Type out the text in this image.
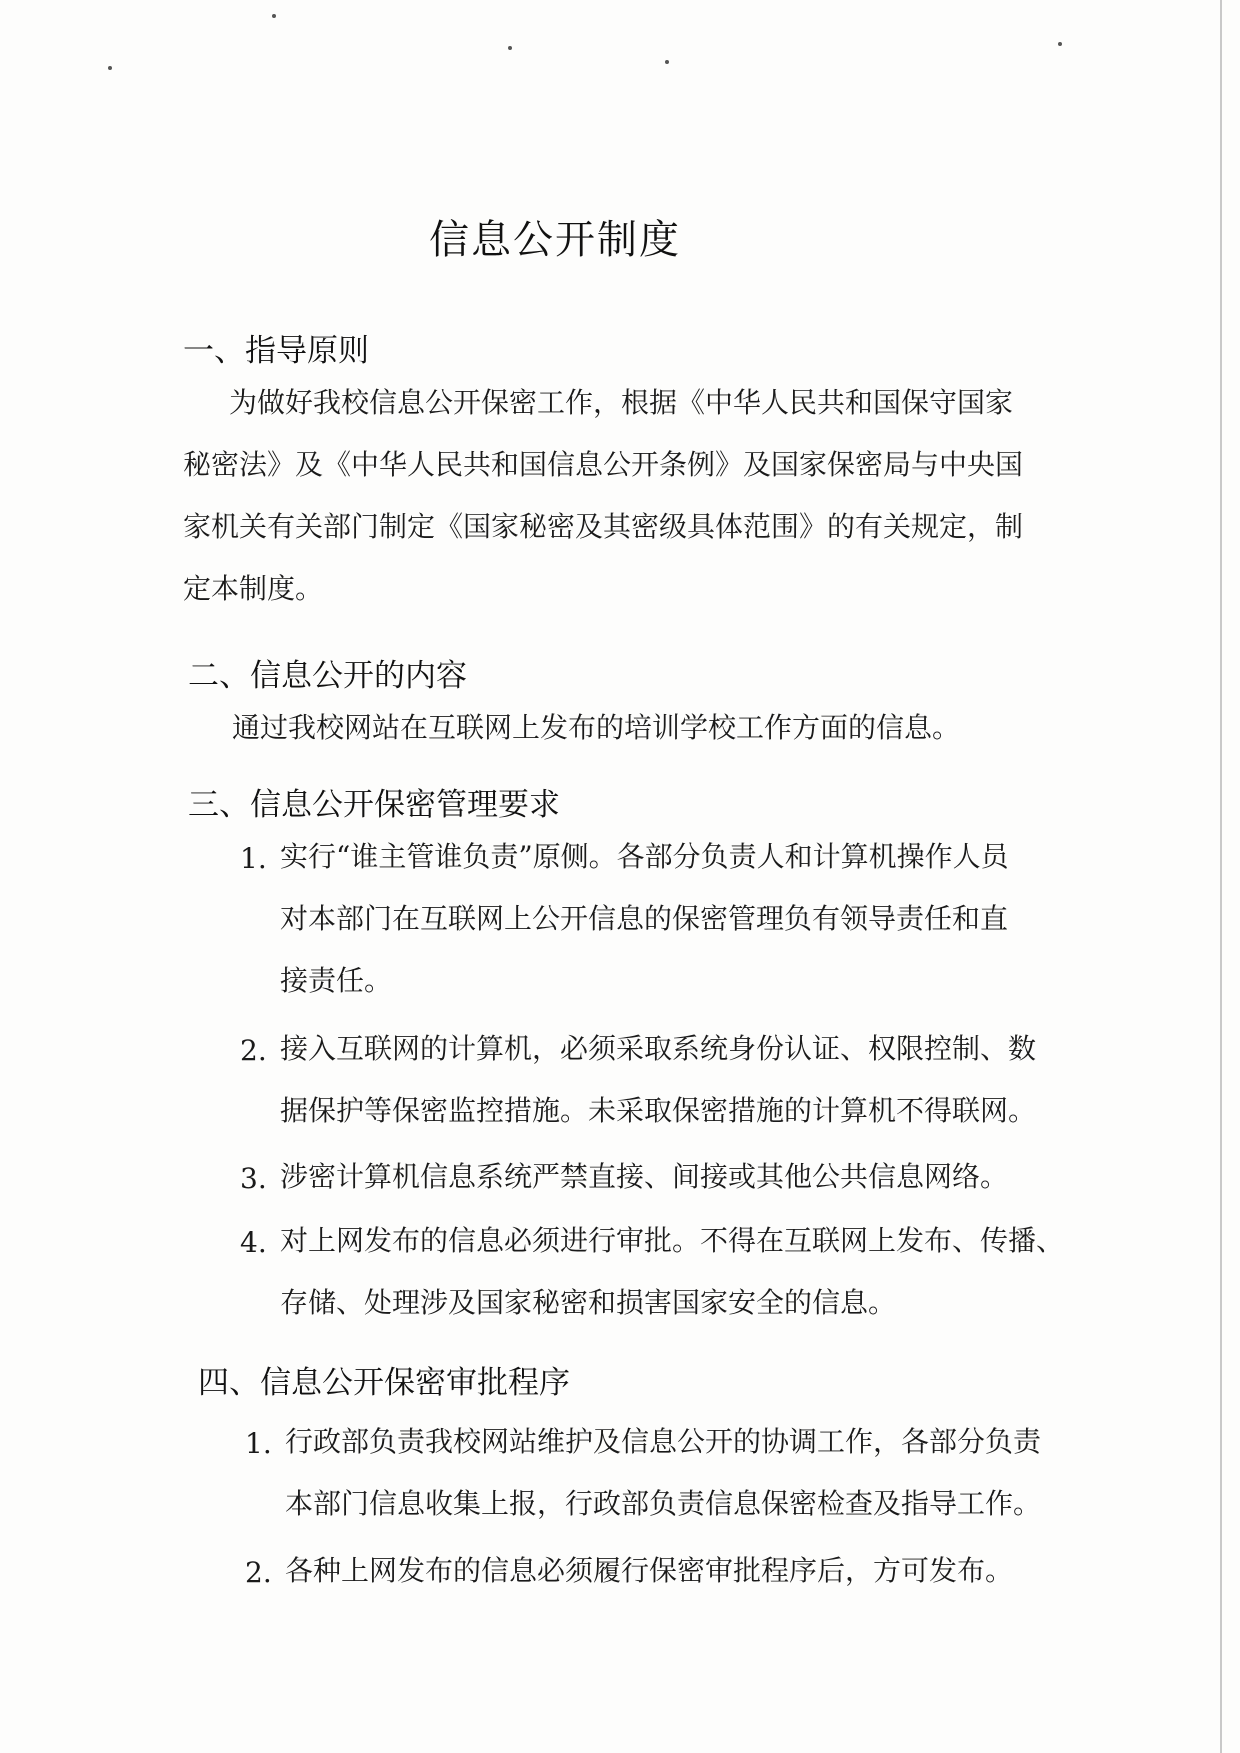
信息公开制度
一、指导原则
为做好我校信息公开保密工作，根据《中华人民共和国保守国家
秘密法》及《中华人民共和国信息公开条例》及国家保密局与中央国
家机关有关部门制定《国家秘密及其密级具体范围》的有关规定，制
定本制度。
二、信息公开的内容
通过我校网站在互联网上发布的培训学校工作方面的信息。
三、信息公开保密管理要求
1. 实行“谁主管谁负责”原侧。各部分负责人和计算机操作人员
对本部门在互联网上公开信息的保密管理负有领导责任和直
接责任。
2. 接入互联网的计算机，必须采取系统身份认证、权限控制、数
据保护等保密监控措施。未采取保密措施的计算机不得联网。
3. 涉密计算机信息系统严禁直接、间接或其他公共信息网络。
4. 对上网发布的信息必须进行审批。不得在互联网上发布、传播、
存储、处理涉及国家秘密和损害国家安全的信息。
四、信息公开保密审批程序
1. 行政部负责我校网站维护及信息公开的协调工作，各部分负责
本部门信息收集上报，行政部负责信息保密检查及指导工作。
2. 各种上网发布的信息必须履行保密审批程序后，方可发布。
